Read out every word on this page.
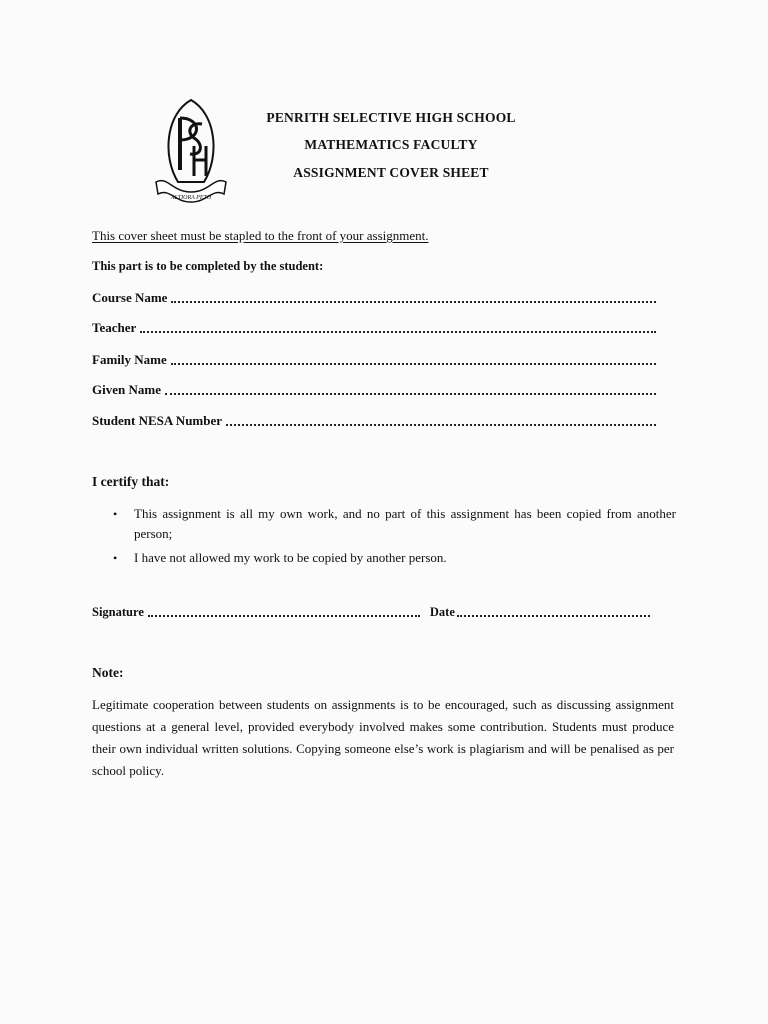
ALTIORA PETO
PENRITH SELECTIVE HIGH SCHOOL
MATHEMATICS FACULTY
ASSIGNMENT COVER SHEET
This cover sheet must be stapled to the front of your assignment.
This part is to be completed by the student:
Course Name
Teacher
Family Name
Given Name
Student NESA Number
I certify that:
• This assignment is all my own work, and no part of this assignment has been copied from another person;
• I have not allowed my work to be copied by another person.
Signature	Date
Note:

Legitimate cooperation between students on assignments is to be encouraged, such as discussing assignment questions at a general level, provided everybody involved makes some contribution. Students must produce their own individual written solutions. Copying someone else’s work is plagiarism and will be penalised as per school policy.
